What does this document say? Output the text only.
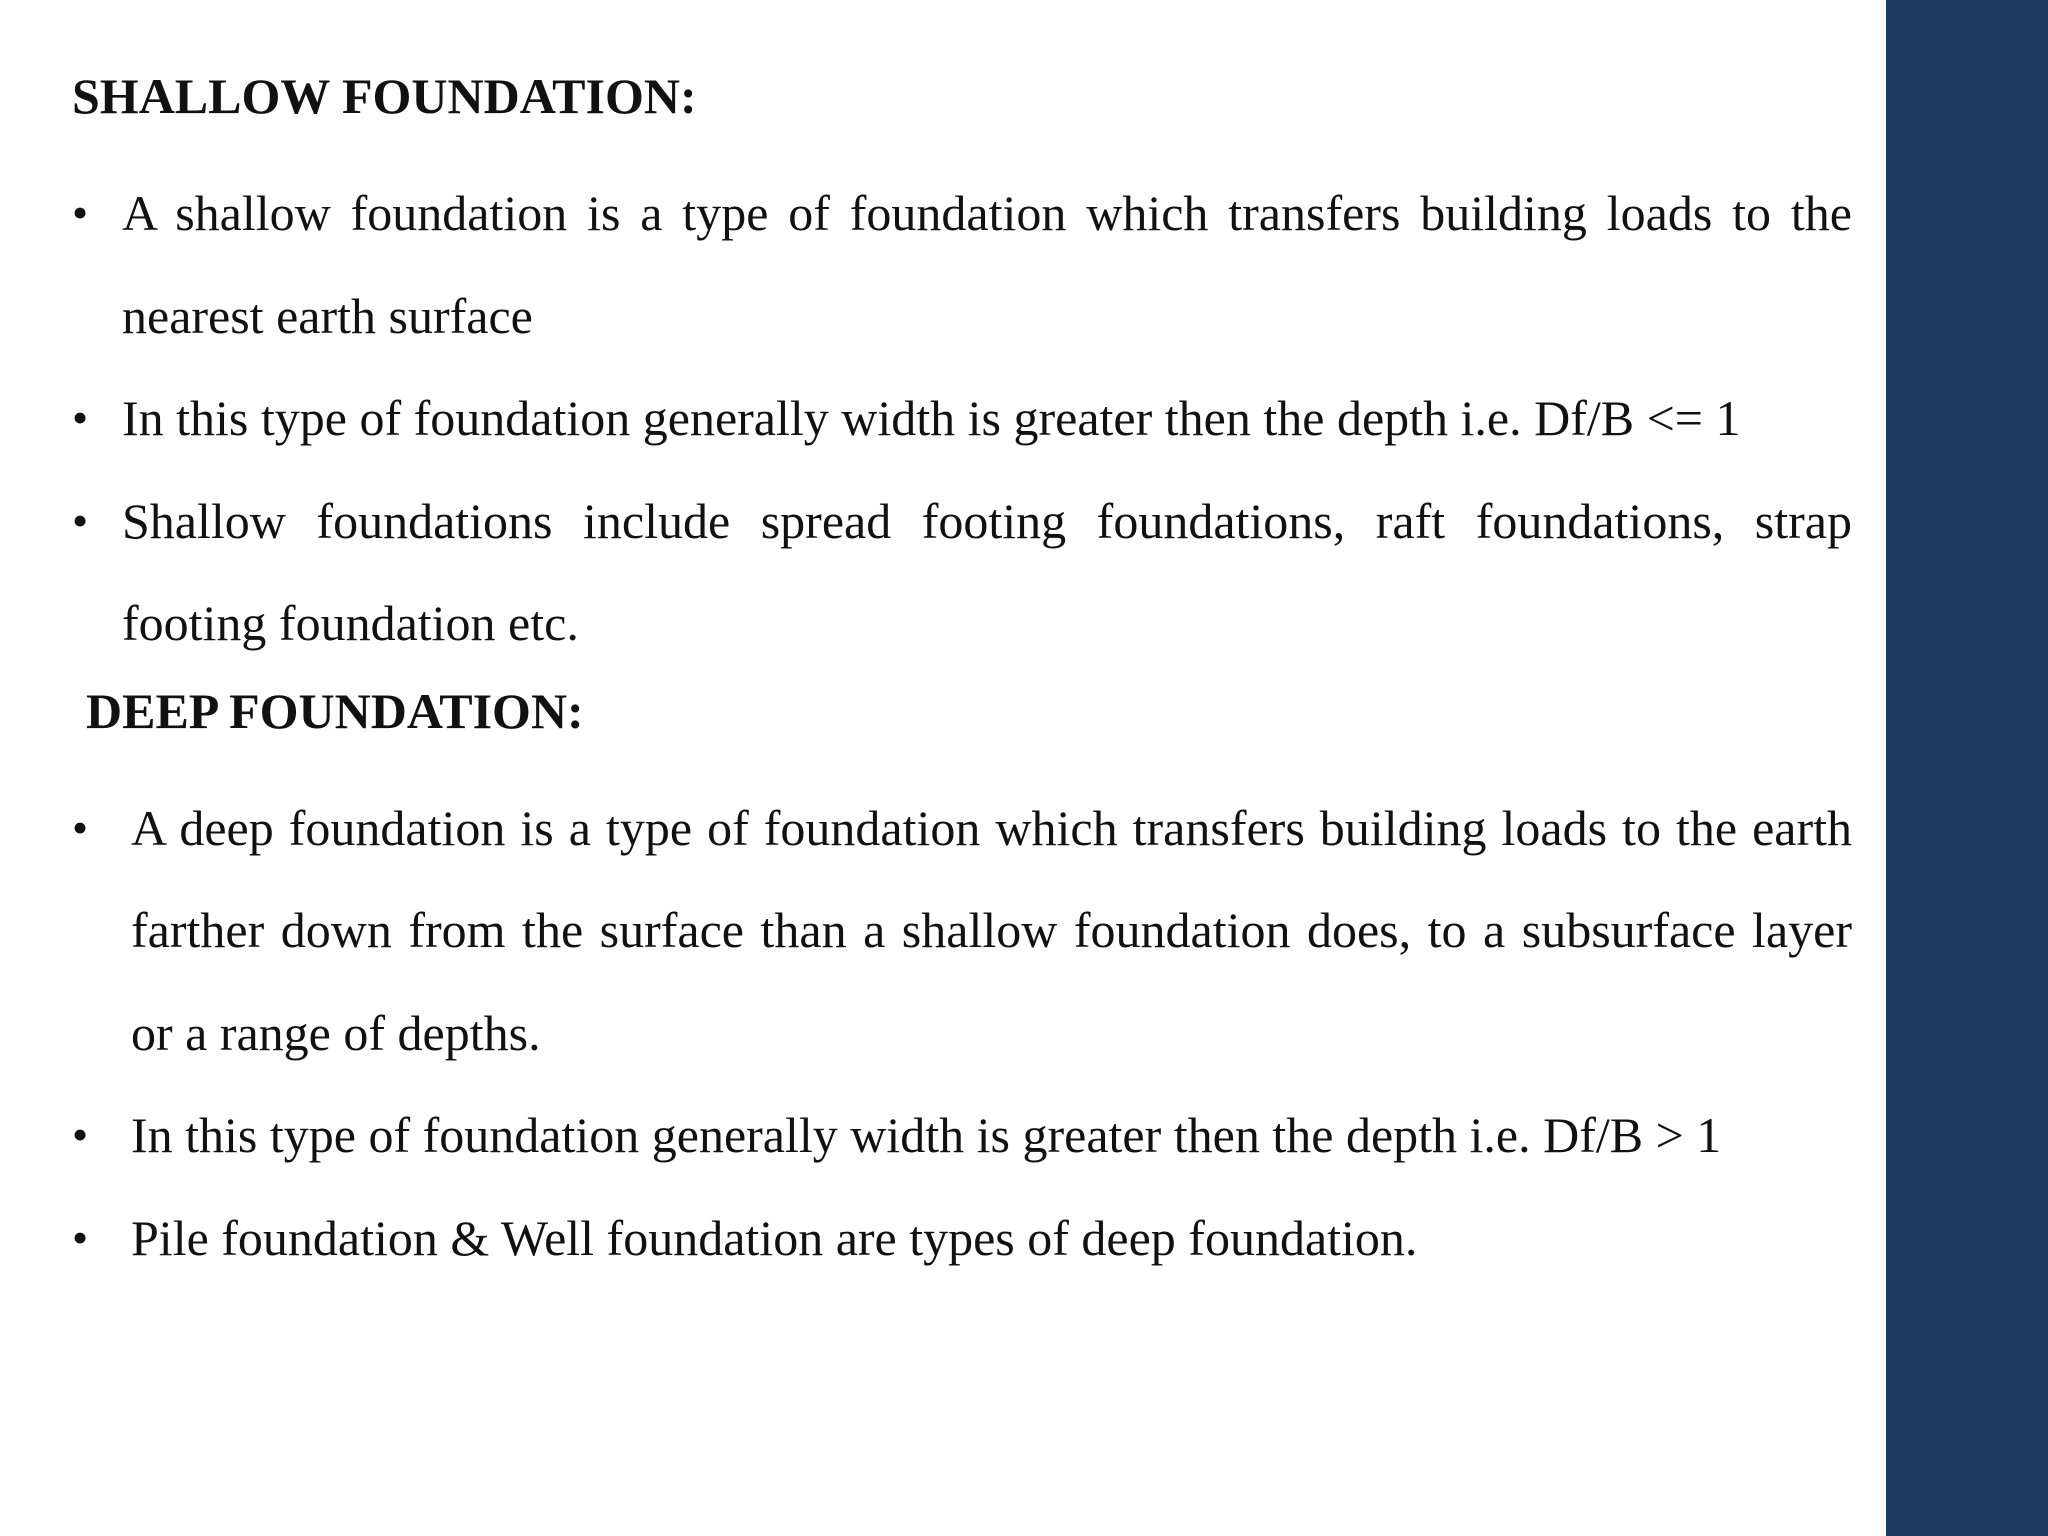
SHALLOW FOUNDATION:
• A shallow foundation is a type of foundation which transfers building loads to the nearest earth surface
• In this type of foundation generally width is greater then the depth i.e. Df/B <= 1
• Shallow foundations include spread footing foundations, raft foundations, strap footing foundation etc.
DEEP FOUNDATION:
• A deep foundation is a type of foundation which transfers building loads to the earth farther down from the surface than a shallow foundation does, to a subsurface layer or a range of depths.
• In this type of foundation generally width is greater then the depth i.e. Df/B > 1
• Pile foundation & Well foundation are types of deep foundation.
